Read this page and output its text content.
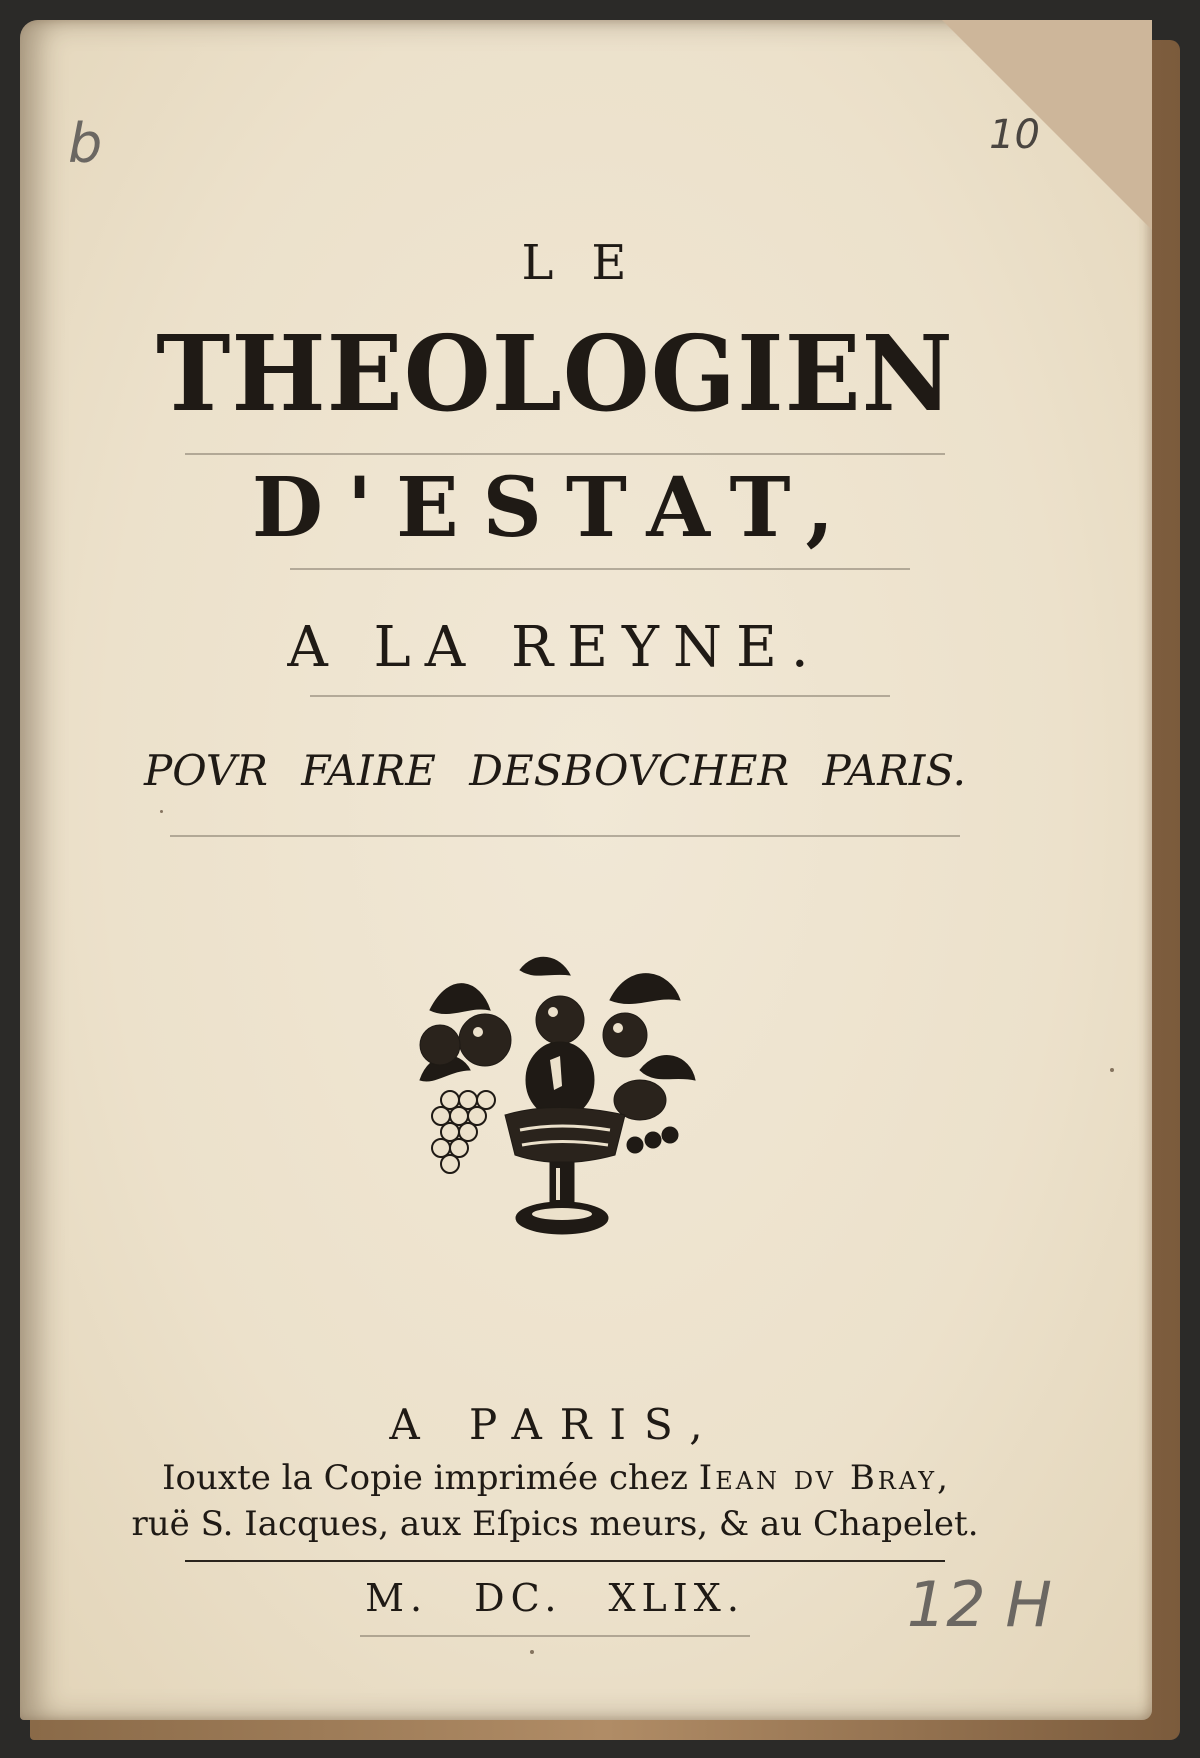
10
b
LE
THEOLOGIEN
D'ESTAT,
A LA REYNE.
POVR FAIRE DESBOVCHER PARIS.
A PARIS,
Iouxte la Copie imprimée chez Iean dv Bray,
ruë S. Iacques, aux Eſpics meurs, & au Chapelet.
M. DC. XLIX.	12 H
